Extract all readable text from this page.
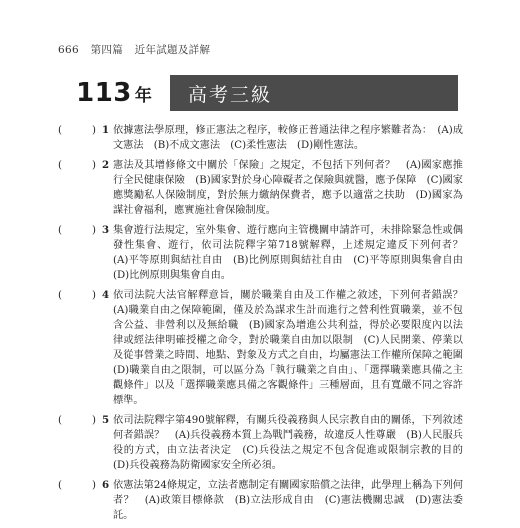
666 第四篇 近年試題及詳解
113 年	高考三級
(	) 1 依據憲法學原理，修正憲法之程序，較修正普通法律之程序繁難者為：　(A)成文憲法　(B)不成文憲法　(C)柔性憲法　(D)剛性憲法。
(	) 2 憲法及其增修條文中關於「保險」之規定，不包括下列何者？　(A)國家應推行全民健康保險　(B)國家對於身心障礙者之保險與就醫，應予保障　(C)國家應獎勵私人保險制度，對於無力繳納保費者，應予以適當之扶助　(D)國家為謀社會福利，應實施社會保險制度。
(	) 3 集會遊行法規定，室外集會、遊行應向主管機關申請許可，未排除緊急性或偶發性集會、遊行，依司法院釋字第718號解釋，上述規定違反下列何者？　(A)平等原則與結社自由　(B)比例原則與結社自由　(C)平等原則與集會自由　(D)比例原則與集會自由。
(	) 4 依司法院大法官解釋意旨，關於職業自由及工作權之敘述，下列何者錯誤？　(A)職業自由之保障範圍，僅及於為謀求生計而進行之營利性質職業，並不包含公益、非營利以及無給職　(B)國家為增進公共利益，得於必要限度內以法律或經法律明確授權之命令，對於職業自由加以限制　(C)人民開業、停業以及從事營業之時間、地點、對象及方式之自由，均屬憲法工作權所保障之範圍　(D)職業自由之限制，可以區分為「執行職業之自由」、「選擇職業應具備之主觀條件」以及「選擇職業應具備之客觀條件」三種層面，且有寬嚴不同之容許標準。
(	) 5 依司法院釋字第490號解釋，有關兵役義務與人民宗教自由的關係，下列敘述何者錯誤？　(A)兵役義務本質上為戰鬥義務，故違反人性尊嚴　(B)人民服兵役的方式，由立法者決定　(C)兵役法之規定不包含促進或限制宗教的目的　(D)兵役義務為防衛國家安全所必須。
(	) 6 依憲法第24條規定，立法者應制定有關國家賠償之法律，此學理上稱為下列何者？　(A)政策目標條款　(B)立法形成自由　(C)憲法機關忠誠　(D)憲法委託。
